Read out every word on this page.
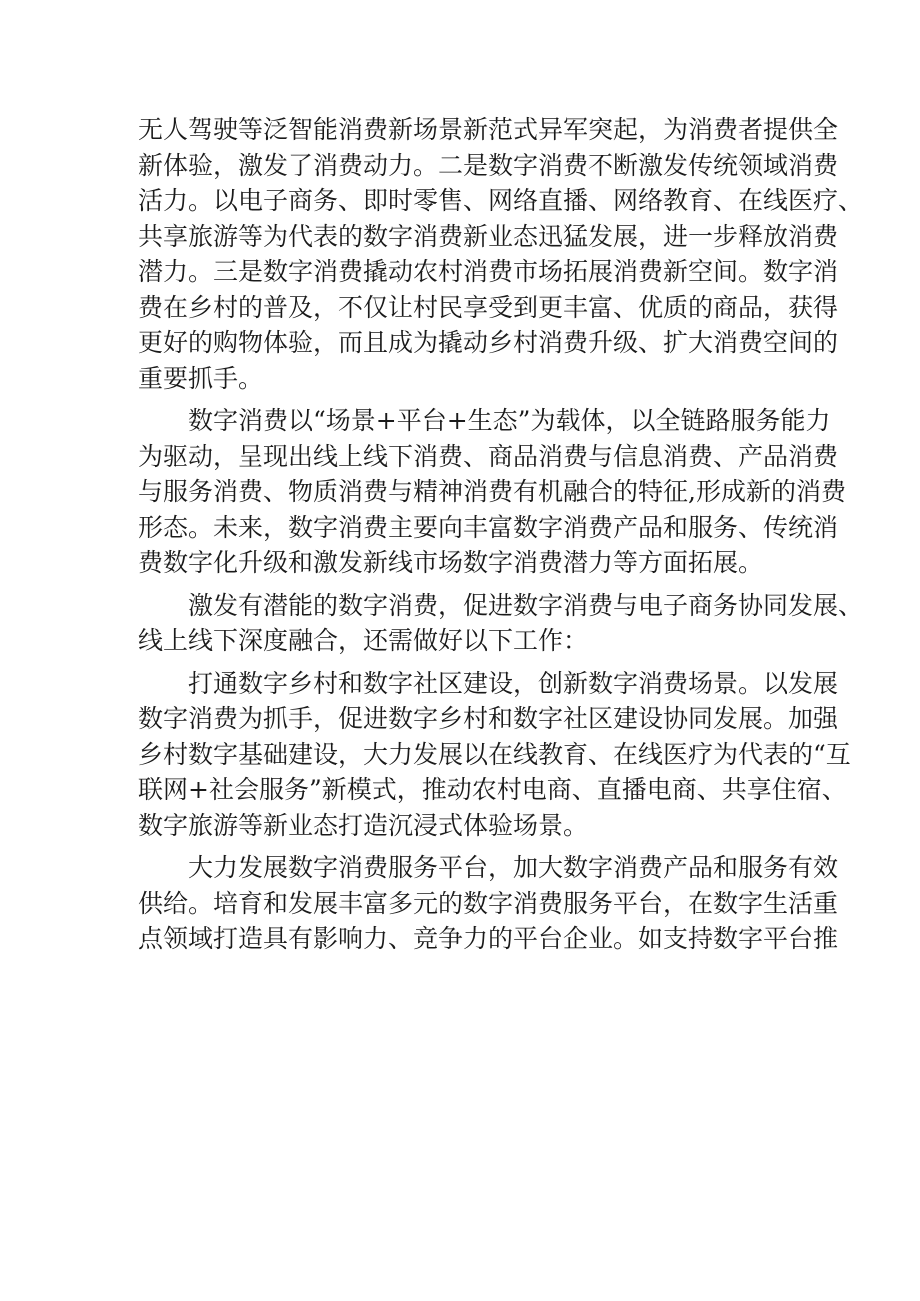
无人驾驶等泛智能消费新场景新范式异军突起，为消费者提供全
新体验，激发了消费动力。二是数字消费不断激发传统领域消费
活力。以电子商务、即时零售、网络直播、网络教育、在线医疗、
共享旅游等为代表的数字消费新业态迅猛发展，进一步释放消费
潜力。三是数字消费撬动农村消费市场拓展消费新空间。数字消
费在乡村的普及，不仅让村民享受到更丰富、优质的商品，获得
更好的购物体验，而且成为撬动乡村消费升级、扩大消费空间的
重要抓手。

数字消费以“场景+平台+生态”为载体，以全链路服务能力
为驱动，呈现出线上线下消费、商品消费与信息消费、产品消费
与服务消费、物质消费与精神消费有机融合的特征,形成新的消费
形态。未来，数字消费主要向丰富数字消费产品和服务、传统消
费数字化升级和激发新线市场数字消费潜力等方面拓展。

激发有潜能的数字消费，促进数字消费与电子商务协同发展、
线上线下深度融合，还需做好以下工作：

打通数字乡村和数字社区建设，创新数字消费场景。以发展
数字消费为抓手，促进数字乡村和数字社区建设协同发展。加强
乡村数字基础建设，大力发展以在线教育、在线医疗为代表的“互
联网+社会服务”新模式，推动农村电商、直播电商、共享住宿、
数字旅游等新业态打造沉浸式体验场景。

大力发展数字消费服务平台，加大数字消费产品和服务有效
供给。培育和发展丰富多元的数字消费服务平台，在数字生活重
点领域打造具有影响力、竞争力的平台企业。如支持数字平台推
